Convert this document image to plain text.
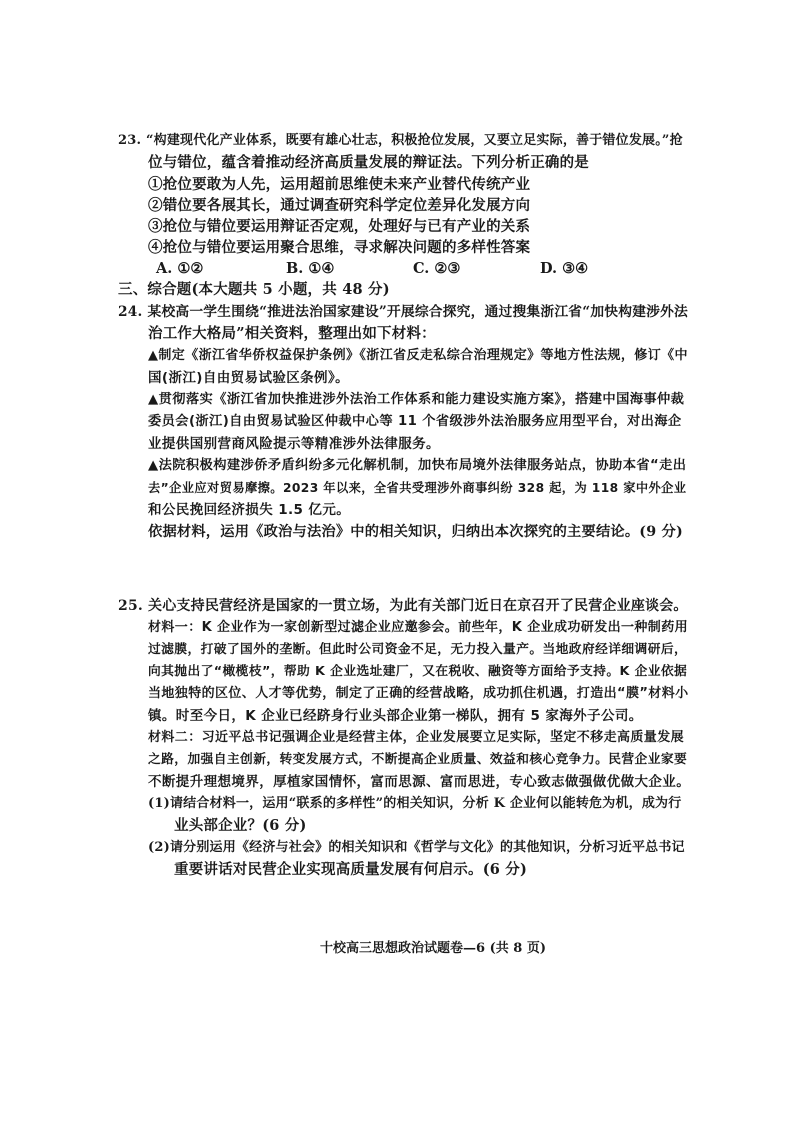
23. “构建现代化产业体系，既要有雄心壮志，积极抢位发展，又要立足实际，善于错位发展。”抢
位与错位，蕴含着推动经济高质量发展的辩证法。下列分析正确的是
①抢位要敢为人先，运用超前思维使未来产业替代传统产业
②错位要各展其长，通过调查研究科学定位差异化发展方向
③抢位与错位要运用辩证否定观，处理好与已有产业的关系
④抢位与错位要运用聚合思维，寻求解决问题的多样性答案
A. ①②	B. ①④	C. ②③	D. ③④
三、综合题(本大题共 5 小题，共 48 分)
24. 某校高一学生围绕“推进法治国家建设”开展综合探究，通过搜集浙江省“加快构建涉外法
治工作大格局”相关资料，整理出如下材料：
▲制定《浙江省华侨权益保护条例》《浙江省反走私综合治理规定》等地方性法规，修订《中
国(浙江)自由贸易试验区条例》。
▲贯彻落实《浙江省加快推进涉外法治工作体系和能力建设实施方案》，搭建中国海事仲裁
委员会(浙江)自由贸易试验区仲裁中心等 11 个省级涉外法治服务应用型平台，对出海企
业提供国别营商风险提示等精准涉外法律服务。
▲法院积极构建涉侨矛盾纠纷多元化解机制，加快布局境外法律服务站点，协助本省“走出
去”企业应对贸易摩擦。2023 年以来，全省共受理涉外商事纠纷 328 起，为 118 家中外企业
和公民挽回经济损失 1.5 亿元。
依据材料，运用《政治与法治》中的相关知识，归纳出本次探究的主要结论。(9 分)
25. 关心支持民营经济是国家的一贯立场，为此有关部门近日在京召开了民营企业座谈会。
材料一：K 企业作为一家创新型过滤企业应邀参会。前些年，K 企业成功研发出一种制药用
过滤膜，打破了国外的垄断。但此时公司资金不足，无力投入量产。当地政府经详细调研后，
向其抛出了“橄榄枝”，帮助 K 企业选址建厂，又在税收、融资等方面给予支持。K 企业依据
当地独特的区位、人才等优势，制定了正确的经营战略，成功抓住机遇，打造出“膜”材料小
镇。时至今日，K 企业已经跻身行业头部企业第一梯队，拥有 5 家海外子公司。
材料二：习近平总书记强调企业是经营主体，企业发展要立足实际，坚定不移走高质量发展
之路，加强自主创新，转变发展方式，不断提高企业质量、效益和核心竞争力。民营企业家要
不断提升理想境界，厚植家国情怀，富而思源、富而思进，专心致志做强做优做大企业。
(1)请结合材料一，运用“联系的多样性”的相关知识，分析 K 企业何以能转危为机，成为行
业头部企业？(6 分)
(2)请分别运用《经济与社会》的相关知识和《哲学与文化》的其他知识，分析习近平总书记
重要讲话对民营企业实现高质量发展有何启示。(6 分)
十校高三思想政治试题卷—6 (共 8 页)
